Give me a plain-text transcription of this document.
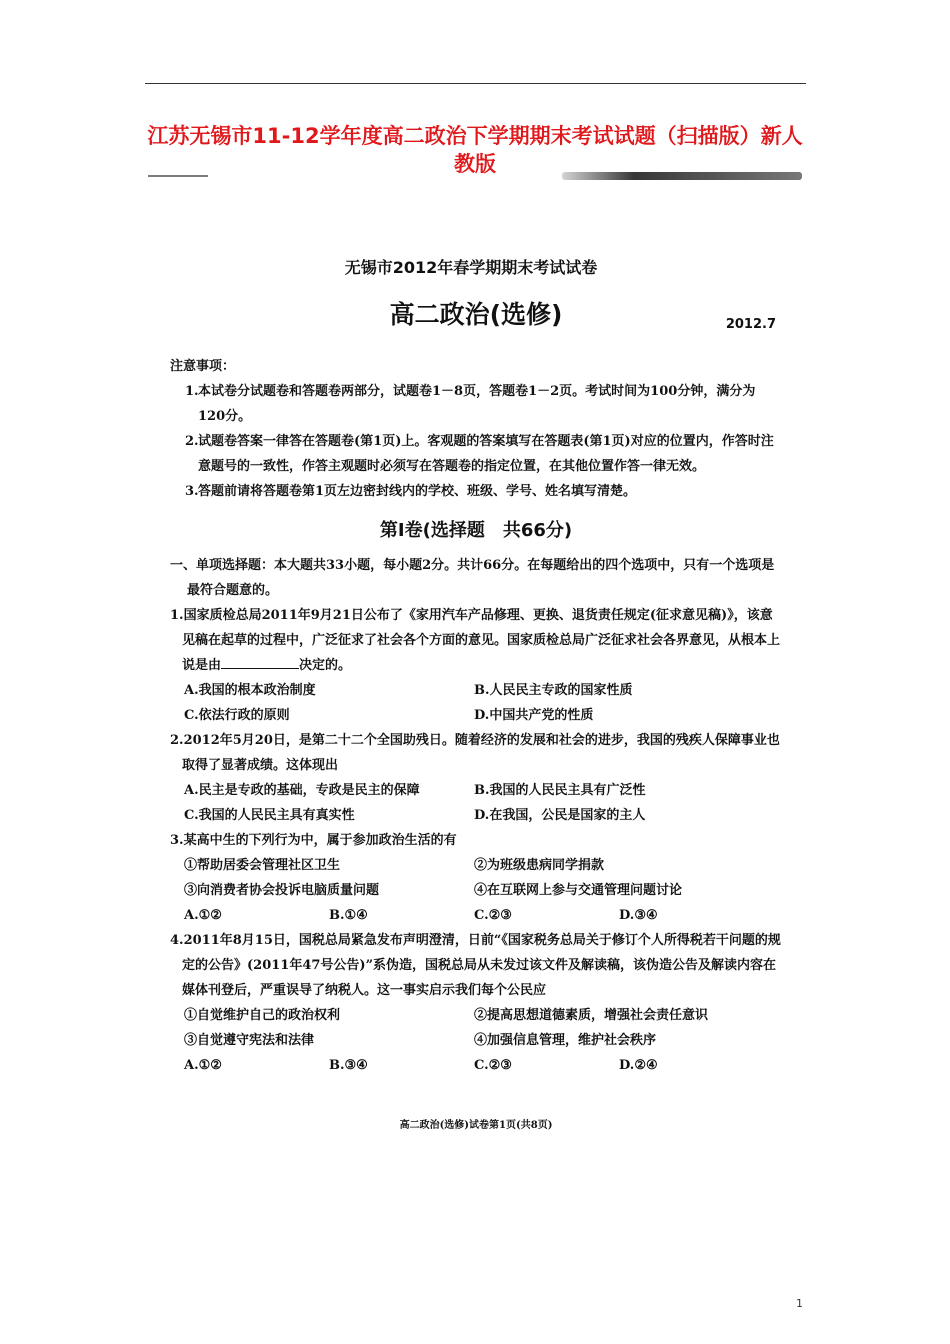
江苏无锡市11-12学年度高二政治下学期期末考试试题（扫描版）新人教版
无锡市2012年春学期期末考试试卷
高二政治(选修)	2012.7
注意事项：
1.本试卷分试题卷和答题卷两部分，试题卷1－8页，答题卷1－2页。考试时间为100分钟，满分为120分。
2.试题卷答案一律答在答题卷(第1页)上。客观题的答案填写在答题表(第1页)对应的位置内，作答时注意题号的一致性，作答主观题时必须写在答题卷的指定位置，在其他位置作答一律无效。
3.答题前请将答题卷第1页左边密封线内的学校、班级、学号、姓名填写清楚。
第Ⅰ卷(选择题　共66分)
一、单项选择题：本大题共33小题，每小题2分。共计66分。在每题给出的四个选项中，只有一个选项是最符合题意的。
1.国家质检总局2011年9月21日公布了《家用汽车产品修理、更换、退货责任规定(征求意见稿)》，该意见稿在起草的过程中，广泛征求了社会各个方面的意见。国家质检总局广泛征求社会各界意见，从根本上说是由	决定的。
A.我国的根本政治制度	B.人民民主专政的国家性质
C.依法行政的原则	D.中国共产党的性质
2.2012年5月20日，是第二十二个全国助残日。随着经济的发展和社会的进步，我国的残疾人保障事业也取得了显著成绩。这体现出
A.民主是专政的基础，专政是民主的保障	B.我国的人民民主具有广泛性
C.我国的人民民主具有真实性	D.在我国，公民是国家的主人
3.某高中生的下列行为中，属于参加政治生活的有
①帮助居委会管理社区卫生	②为班级患病同学捐款
③向消费者协会投诉电脑质量问题	④在互联网上参与交通管理问题讨论
A.①②	B.①④	C.②③	D.③④
4.2011年8月15日，国税总局紧急发布声明澄清，日前“《国家税务总局关于修订个人所得税若干问题的规定的公告》(2011年47号公告)”系伪造，国税总局从未发过该文件及解读稿，该伪造公告及解读内容在媒体刊登后，严重误导了纳税人。这一事实启示我们每个公民应
①自觉维护自己的政治权利	②提高思想道德素质，增强社会责任意识
③自觉遵守宪法和法律	④加强信息管理，维护社会秩序
A.①②	B.③④	C.②③	D.②④
高二政治(选修)试卷第1页(共8页)
1
